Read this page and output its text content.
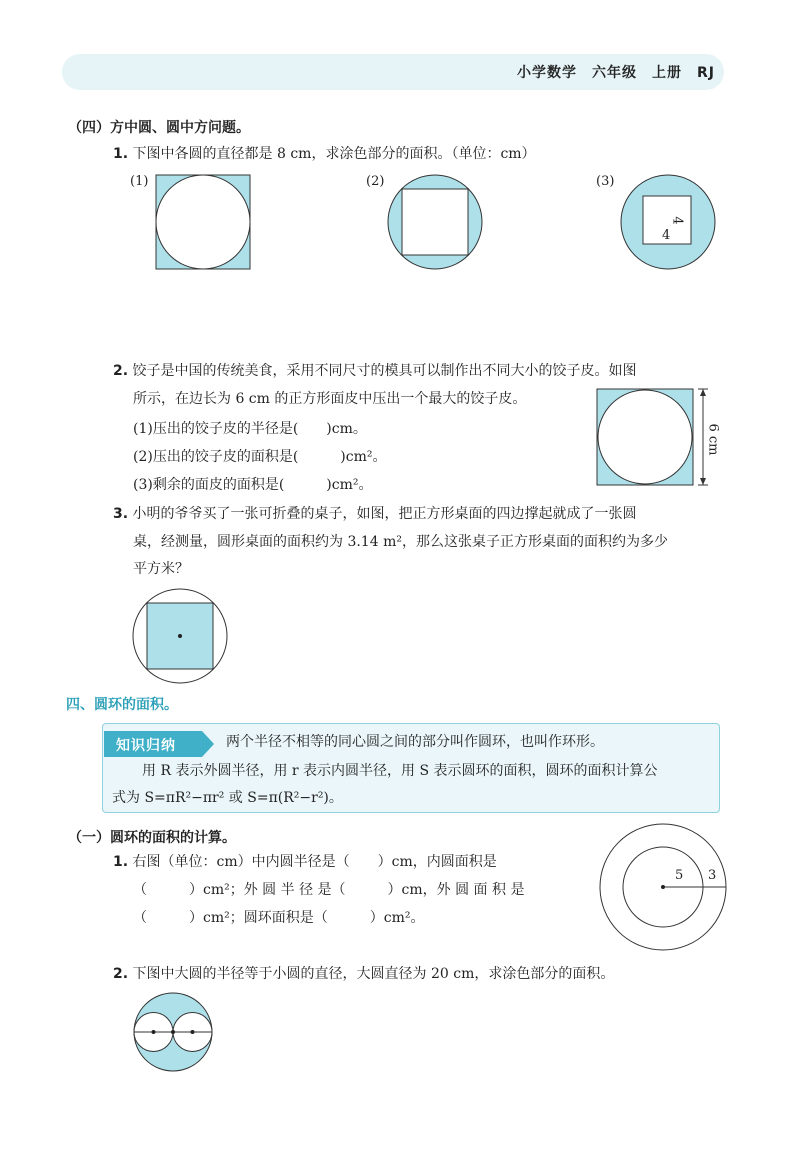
小学数学　六年级　上册　RJ
（四）方中圆、圆中方问题。
1. 下图中各圆的直径都是 8 cm，求涂色部分的面积。（单位：cm）
(1)	(2)	(3)
4
4
2. 饺子是中国的传统美食，采用不同尺寸的模具可以制作出不同大小的饺子皮。如图
所示，在边长为 6 cm 的正方形面皮中压出一个最大的饺子皮。
(1)压出的饺子皮的半径是(　　)cm。
(2)压出的饺子皮的面积是(　　　)cm²。
(3)剩余的面皮的面积是(　　　)cm²。
6 cm
3. 小明的爷爷买了一张可折叠的桌子，如图，把正方形桌面的四边撑起就成了一张圆
桌，经测量，圆形桌面的面积约为 3.14 m²，那么这张桌子正方形桌面的面积约为多少
平方米？
四、圆环的面积。
知识归纳	两个半径不相等的同心圆之间的部分叫作圆环，也叫作环形。
用 R 表示外圆半径，用 r 表示内圆半径，用 S 表示圆环的面积，圆环的面积计算公
式为 S=πR²−πr² 或 S=π(R²−r²)。
（一）圆环的面积的计算。
1. 右图（单位：cm）中内圆半径是（　　）cm，内圆面积是
（　　　）cm²；外 圆 半 径 是（　　　）cm，外 圆 面 积 是
（　　　）cm²；圆环面积是（　　　）cm²。
5 3
2. 下图中大圆的半径等于小圆的直径，大圆直径为 20 cm，求涂色部分的面积。
